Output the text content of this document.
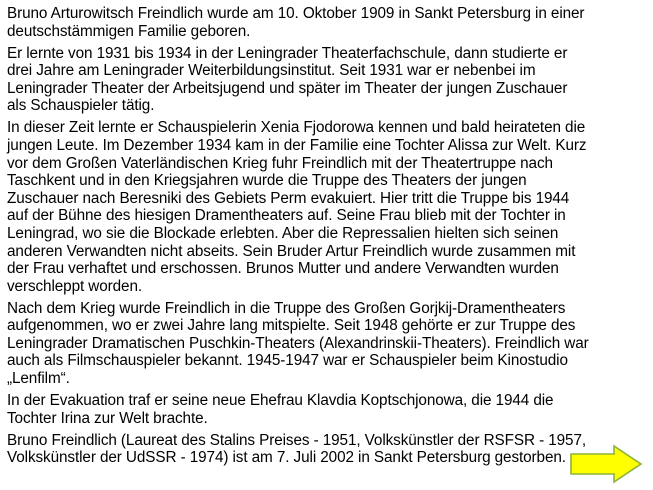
Bruno Arturowitsch Freindlich wurde am 10. Oktober 1909 in Sankt Petersburg in einer
deutschstämmigen Familie geboren.

Er lernte von 1931 bis 1934 in der Leningrader Theaterfachschule, dann studierte er
drei Jahre am Leningrader Weiterbildungsinstitut. Seit 1931 war er nebenbei im
Leningrader Theater der Arbeitsjugend und später im Theater der jungen Zuschauer
als Schauspieler tätig.

In dieser Zeit lernte er Schauspielerin Xenia Fjodorowa kennen und bald heirateten die
jungen Leute. Im Dezember 1934 kam in der Familie eine Tochter Alissa zur Welt. Kurz
vor dem Großen Vaterländischen Krieg fuhr Freindlich mit der Theatertruppe nach
Taschkent und in den Kriegsjahren wurde die Truppe des Theaters der jungen
Zuschauer nach Beresniki des Gebiets Perm evakuiert. Hier tritt die Truppe bis 1944
auf der Bühne des hiesigen Dramentheaters auf. Seine Frau blieb mit der Tochter in
Leningrad, wo sie die Blockade erlebten. Aber die Repressalien hielten sich seinen
anderen Verwandten nicht abseits. Sein Bruder Artur Freindlich wurde zusammen mit
der Frau verhaftet und erschossen. Brunos Mutter und andere Verwandten wurden
verschleppt worden.

Nach dem Krieg wurde Freindlich in die Truppe des Großen Gorjkij-Dramentheaters
aufgenommen, wo er zwei Jahre lang mitspielte. Seit 1948 gehörte er zur Truppe des
Leningrader Dramatischen Puschkin-Theaters (Alexandrinskii-Theaters). Freindlich war
auch als Filmschauspieler bekannt. 1945-1947 war er Schauspieler beim Kinostudio
„Lenfilm“.

In der Evakuation traf er seine neue Ehefrau Klavdia Koptschjonowa, die 1944 die
Tochter Irina zur Welt brachte.

Bruno Freindlich (Laureat des Stalins Preises - 1951, Volkskünstler der RSFSR - 1957,
Volkskünstler der UdSSR - 1974) ist am 7. Juli 2002 in Sankt Petersburg gestorben.
